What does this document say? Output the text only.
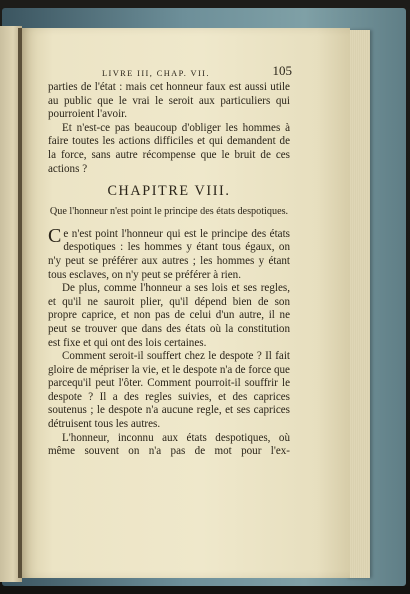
LIVRE III, CHAP. VII.	105

parties de l'état : mais cet honneur faux est aussi utile au public que le vrai le seroit aux particuliers qui pourroient l'avoir.

Et n'est-ce pas beaucoup d'obliger les hommes à faire toutes les actions difficiles et qui demandent de la force, sans autre récompense que le bruit de ces actions ?

CHAPITRE VIII.
Que l'honneur n'est point le principe des états despotiques.

Ce n'est point l'honneur qui est le principe des états despotiques : les hommes y étant tous égaux, on n'y peut se préférer aux autres ; les hommes y étant tous esclaves, on n'y peut se préférer à rien.

De plus, comme l'honneur a ses lois et ses regles, et qu'il ne sauroit plier, qu'il dépend bien de son propre caprice, et non pas de celui d'un autre, il ne peut se trouver que dans des états où la constitution est fixe et qui ont des lois certaines.

Comment seroit-il souffert chez le despote ? Il fait gloire de mépriser la vie, et le despote n'a de force que parcequ'il peut l'ôter. Comment pourroit-il souffrir le despote ? Il a des regles suivies, et des caprices soutenus ; le despote n'a aucune regle, et ses caprices détruisent tous les autres.

L'honneur, inconnu aux états despotiques, où même souvent on n'a pas de mot pour l'ex-
